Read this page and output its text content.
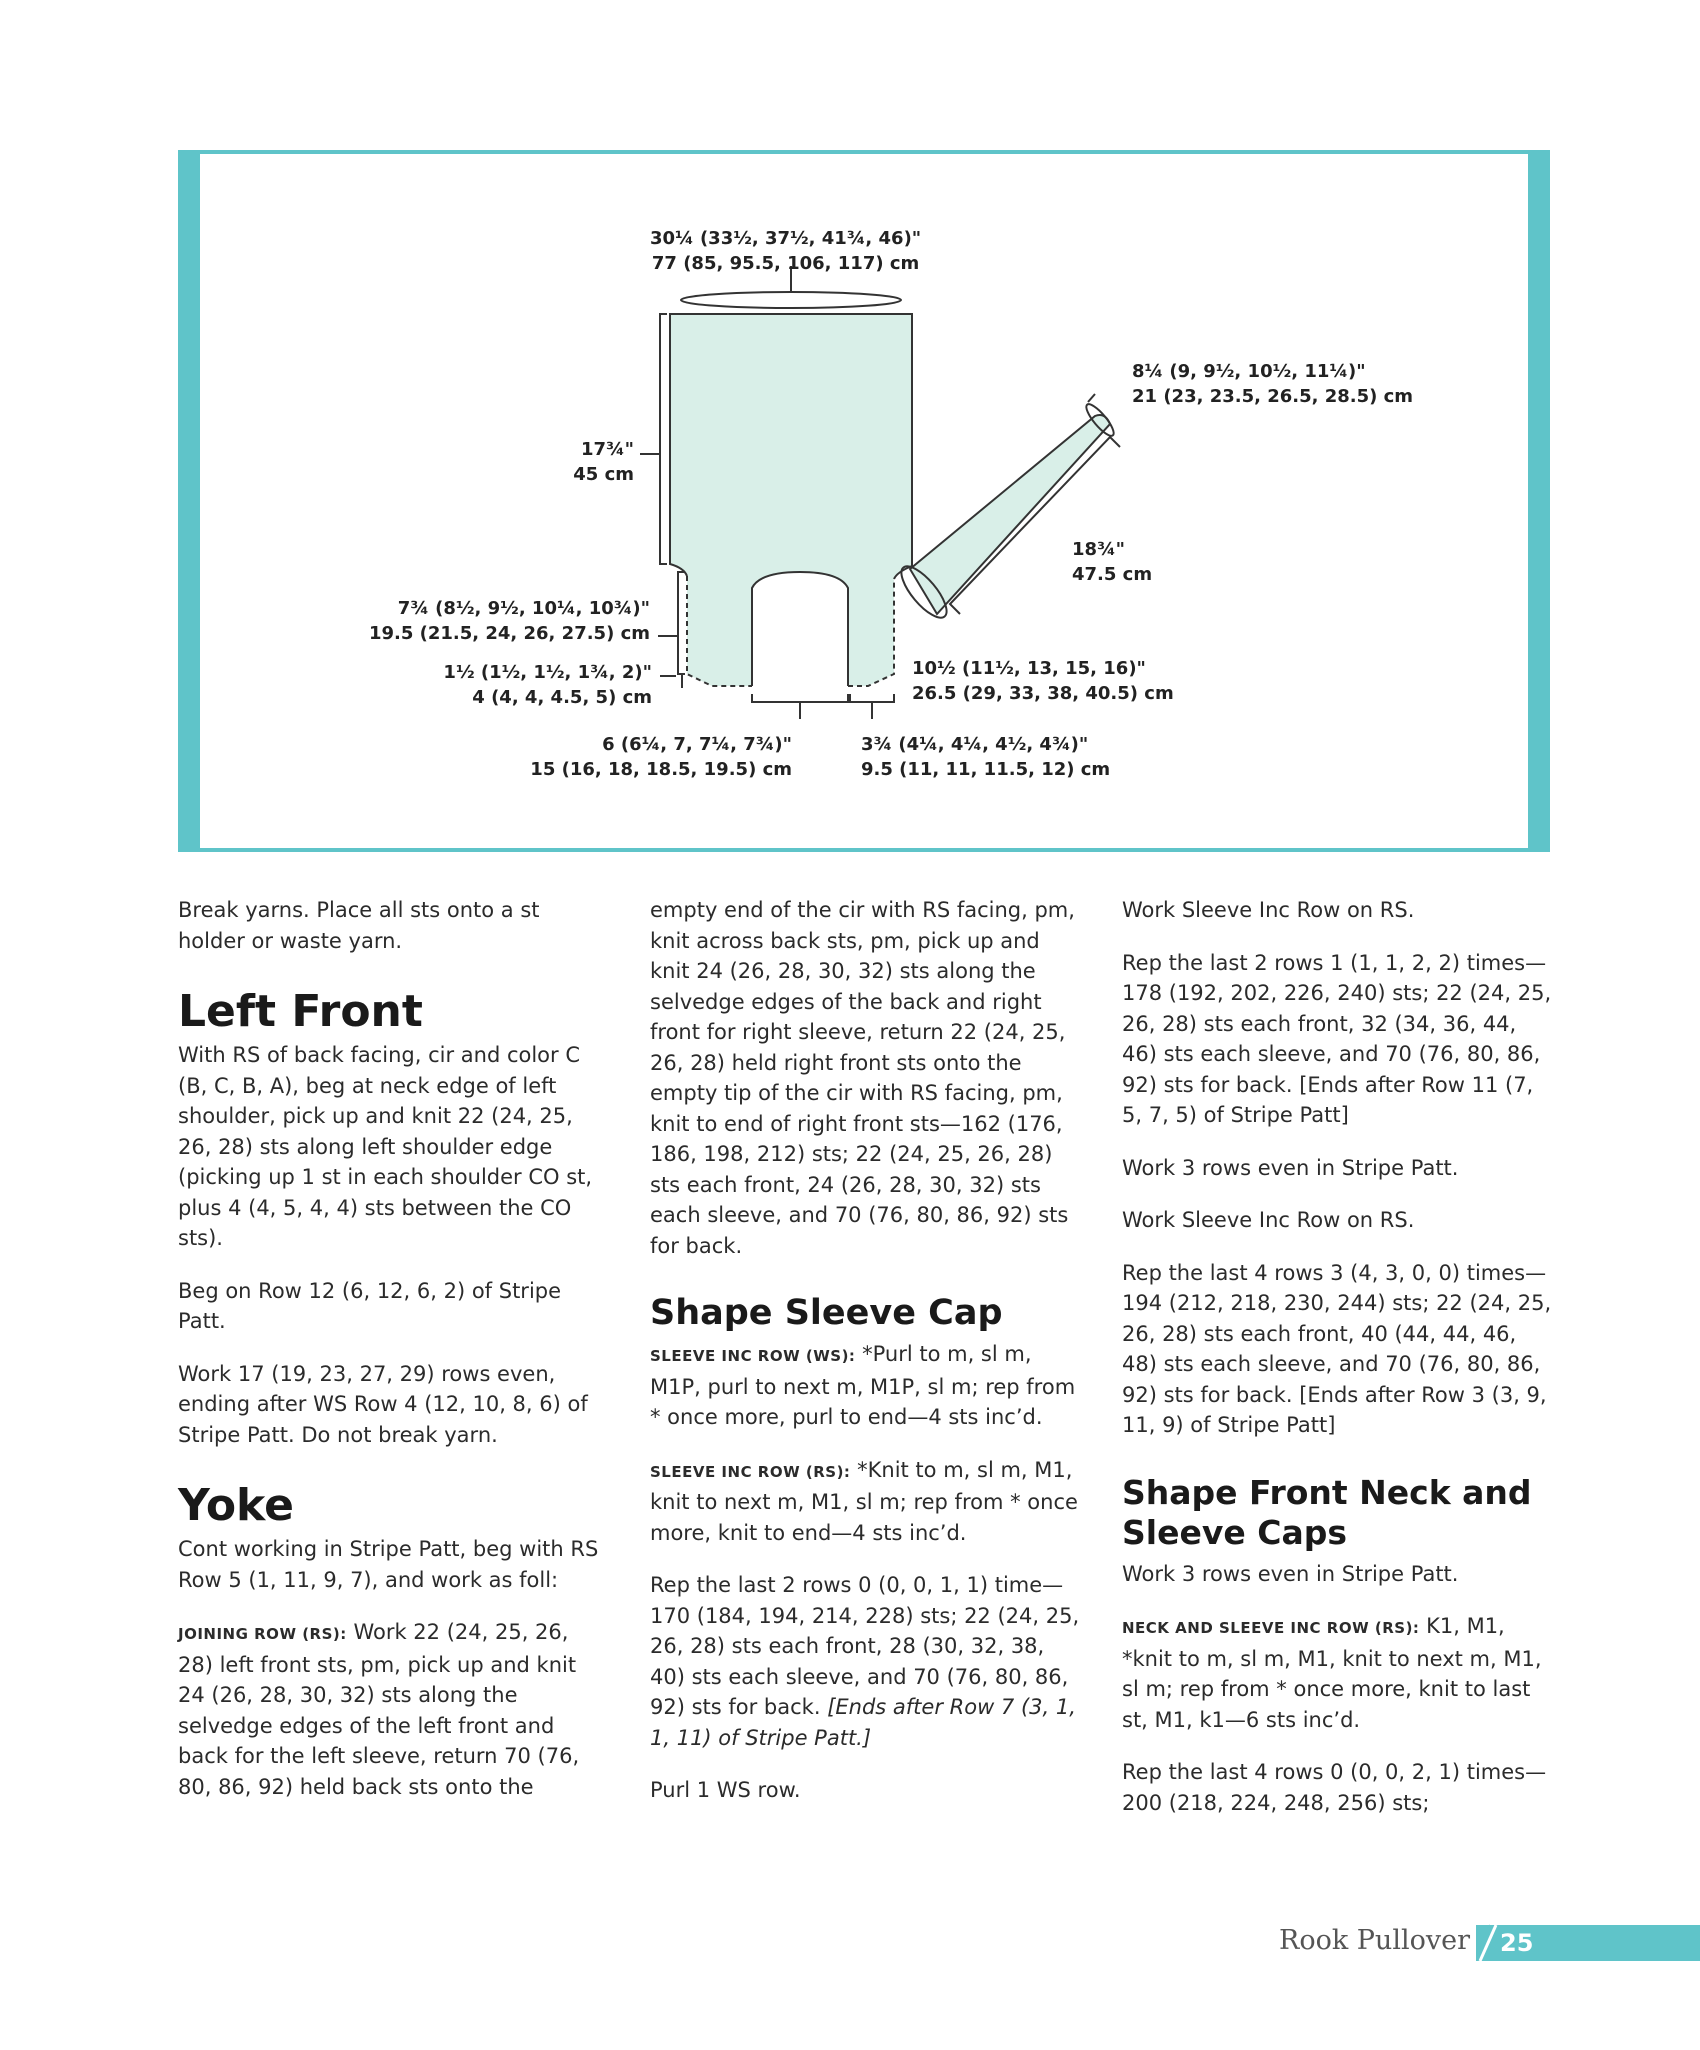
30¼ (33½, 37½, 41¾, 46)"
77 (85, 95.5, 106, 117) cm
17¾"
45 cm
8¼ (9, 9½, 10½, 11¼)"
21 (23, 23.5, 26.5, 28.5) cm
18¾"
47.5 cm
7¾ (8½, 9½, 10¼, 10¾)"
19.5 (21.5, 24, 26, 27.5) cm
1½ (1½, 1½, 1¾, 2)"
4 (4, 4, 4.5, 5) cm
10½ (11½, 13, 15, 16)"
26.5 (29, 33, 38, 40.5) cm
6 (6¼, 7, 7¼, 7¾)"
15 (16, 18, 18.5, 19.5) cm
3¾ (4¼, 4¼, 4½, 4¾)"
9.5 (11, 11, 11.5, 12) cm

Break yarns. Place all sts onto a st holder or waste yarn.

Left Front

With RS of back facing, cir and color C (B, C, B, A), beg at neck edge of left shoulder, pick up and knit 22 (24, 25, 26, 28) sts along left shoulder edge (picking up 1 st in each shoulder CO st, plus 4 (4, 5, 4, 4) sts between the CO sts).

Beg on Row 12 (6, 12, 6, 2) of Stripe Patt.

Work 17 (19, 23, 27, 29) rows even, ending after WS Row 4 (12, 10, 8, 6) of Stripe Patt. Do not break yarn.

Yoke

Cont working in Stripe Patt, beg with RS Row 5 (1, 11, 9, 7), and work as foll:

JOINING ROW (RS): Work 22 (24, 25, 26, 28) left front sts, pm, pick up and knit 24 (26, 28, 30, 32) sts along the selvedge edges of the left front and back for the left sleeve, return 70 (76, 80, 86, 92) held back sts onto the

empty end of the cir with RS facing, pm, knit across back sts, pm, pick up and knit 24 (26, 28, 30, 32) sts along the selvedge edges of the back and right front for right sleeve, return 22 (24, 25, 26, 28) held right front sts onto the empty tip of the cir with RS facing, pm, knit to end of right front sts—162 (176, 186, 198, 212) sts; 22 (24, 25, 26, 28) sts each front, 24 (26, 28, 30, 32) sts each sleeve, and 70 (76, 80, 86, 92) sts for back.

Shape Sleeve Cap

SLEEVE INC ROW (WS): *Purl to m, sl m, M1P, purl to next m, M1P, sl m; rep from * once more, purl to end—4 sts inc’d.

SLEEVE INC ROW (RS): *Knit to m, sl m, M1, knit to next m, M1, sl m; rep from * once more, knit to end—4 sts inc’d.

Rep the last 2 rows 0 (0, 0, 1, 1) time—170 (184, 194, 214, 228) sts; 22 (24, 25, 26, 28) sts each front, 28 (30, 32, 38, 40) sts each sleeve, and 70 (76, 80, 86, 92) sts for back. [Ends after Row 7 (3, 1, 1, 11) of Stripe Patt.]

Purl 1 WS row.

Work Sleeve Inc Row on RS.

Rep the last 2 rows 1 (1, 1, 2, 2) times—178 (192, 202, 226, 240) sts; 22 (24, 25, 26, 28) sts each front, 32 (34, 36, 44, 46) sts each sleeve, and 70 (76, 80, 86, 92) sts for back. [Ends after Row 11 (7, 5, 7, 5) of Stripe Patt]

Work 3 rows even in Stripe Patt.

Work Sleeve Inc Row on RS.

Rep the last 4 rows 3 (4, 3, 0, 0) times—194 (212, 218, 230, 244) sts; 22 (24, 25, 26, 28) sts each front, 40 (44, 44, 46, 48) sts each sleeve, and 70 (76, 80, 86, 92) sts for back. [Ends after Row 3 (3, 9, 11, 9) of Stripe Patt]

Shape Front Neck and Sleeve Caps

Work 3 rows even in Stripe Patt.

NECK AND SLEEVE INC ROW (RS): K1, M1, *knit to m, sl m, M1, knit to next m, M1, sl m; rep from * once more, knit to last st, M1, k1—6 sts inc’d.

Rep the last 4 rows 0 (0, 0, 2, 1) times—200 (218, 224, 248, 256) sts;

Rook Pullover 25
